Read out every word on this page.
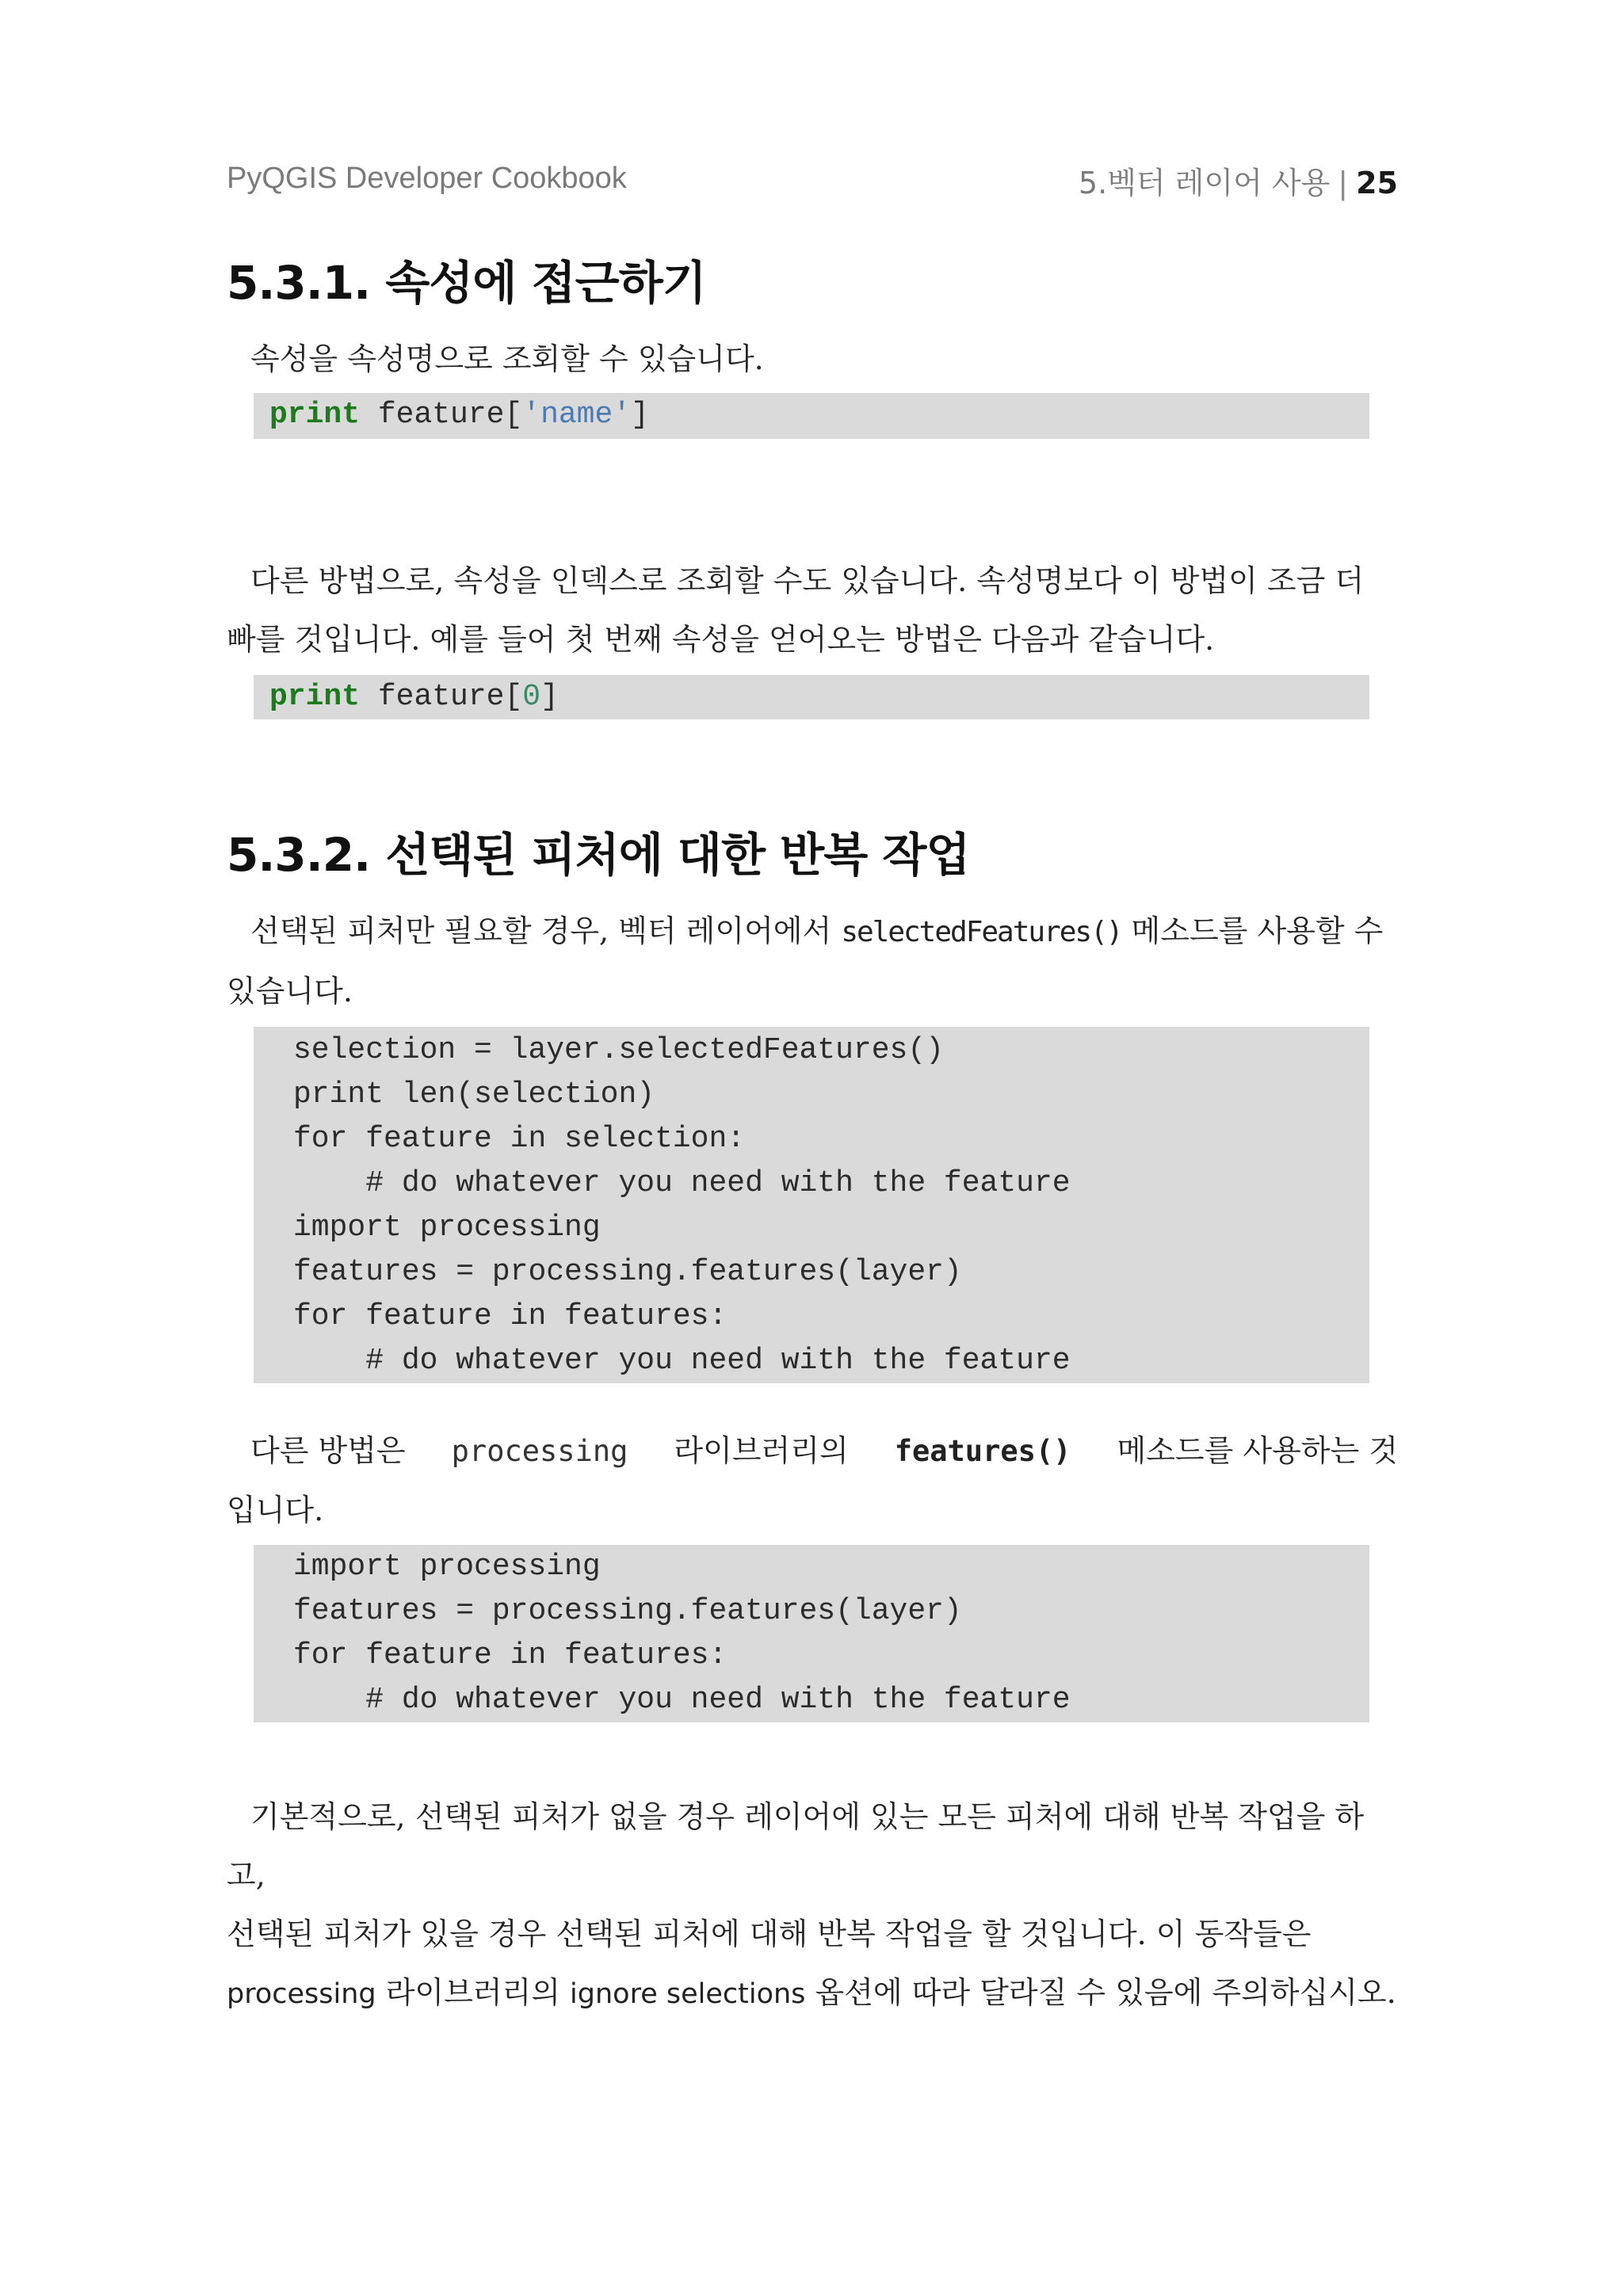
PyQGIS Developer Cookbook	5.벡터 레이어 사용 | 25
5.3.1. 속성에 접근하기
속성을 속성명으로 조회할 수 있습니다.
print feature['name']
다른 방법으로, 속성을 인덱스로 조회할 수도 있습니다. 속성명보다 이 방법이 조금 더
빠를 것입니다. 예를 들어 첫 번째 속성을 얻어오는 방법은 다음과 같습니다.
print feature[0]
5.3.2. 선택된 피처에 대한 반복 작업
선택된 피처만 필요할 경우, 벡터 레이어에서 selectedFeatures() 메소드를 사용할 수
있습니다.
selection = layer.selectedFeatures()
print len(selection)
for feature in selection:
# do whatever you need with the feature
import processing
features = processing.features(layer)
for feature in features:
# do whatever you need with the feature
다른 방법은 processing 라이브러리의 features() 메소드를 사용하는 것
입니다.
import processing
features = processing.features(layer)
for feature in features:
# do whatever you need with the feature
기본적으로, 선택된 피처가 없을 경우 레이어에 있는 모든 피처에 대해 반복 작업을 하고,
선택된 피처가 있을 경우 선택된 피처에 대해 반복 작업을 할 것입니다. 이 동작들은
processing 라이브러리의 ignore selections 옵션에 따라 달라질 수 있음에 주의하십시오.
